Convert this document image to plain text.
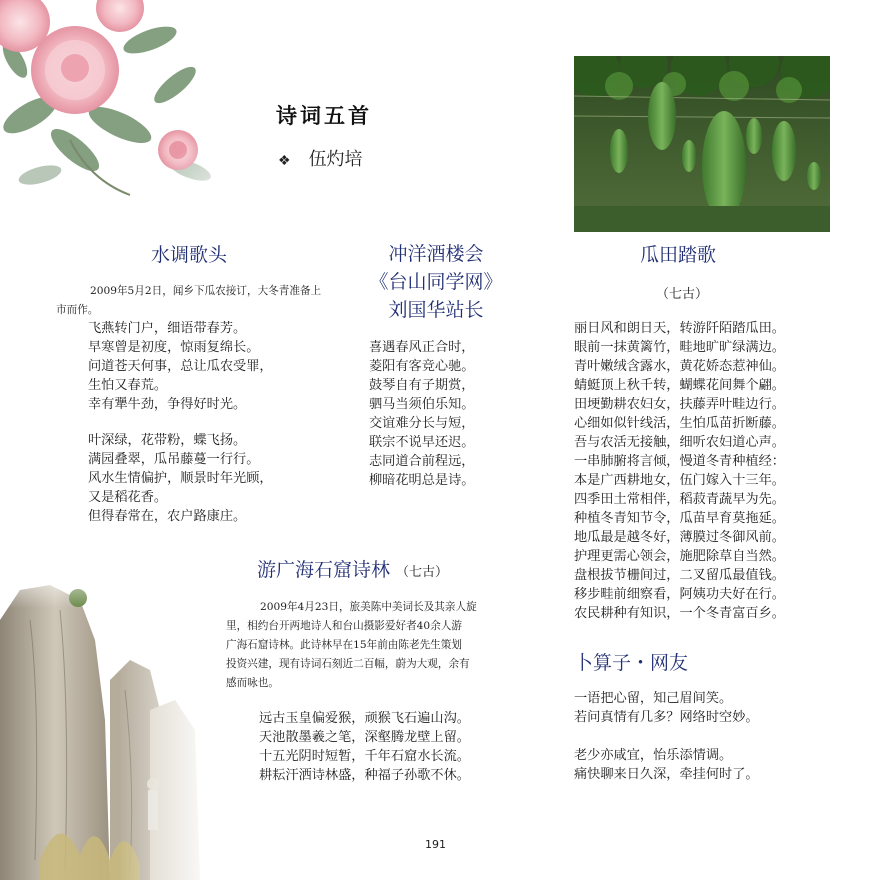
诗词五首
❖ 伍灼培
水调歌头
2009年5月2日，闻乡下瓜农接订，大冬青准备上市而作。
飞燕转门户，细语带春芳。
早寒曾是初度，惊雨复绵长。
问道苍天何事，总让瓜农受罪，
生怕又春荒。
幸有犟牛劲，争得好时光。
叶深绿，花带粉，蝶飞扬。
满园叠翠，瓜吊藤蔓一行行。
风水生情偏护，顺景时年光顾，
又是稻花香。
但得春常在，农户路康庄。
冲洋酒楼会
《台山同学网》
刘国华站长
喜遇春风正合时，
菱阳有客竞心驰。
鼓琴自有子期赏，
驷马当须伯乐知。
交谊难分长与短，
联宗不说早还迟。
志同道合前程远，
柳暗花明总是诗。
游广海石窟诗林 （七古）
2009年4月23日，旅美陈中美词长及其亲人旋
里，相约台开两地诗人和台山摄影爱好者40余人游
广海石窟诗林。此诗林早在15年前由陈老先生策划
投资兴建，现有诗词石刻近二百幅，蔚为大观，余有
感而咏也。
远古玉皇偏爱猴，顽猴飞石遍山沟。
天池散墨羲之笔，深壑腾龙壁上留。
十五光阴时短暂，千年石窟水长流。
耕耘汗洒诗林盛，种福子孙歌不休。
瓜田踏歌
（七古）
丽日风和朗日天，转游阡陌踏瓜田。
眼前一抹黄篱竹，畦地旷旷绿满边。
青叶嫩绒含露水，黄花娇态惹神仙。
蜻蜓顶上秋千转，蝴蝶花间舞个翩。
田埂勤耕农妇女，扶藤弄叶畦边行。
心细如似针线活，生怕瓜苗折断藤。
吾与农活无接触，细听农妇道心声。
一串肺腑将言倾，慢道冬青种植经：
本是广西耕地女，伍门嫁入十三年。
四季田土常相伴，稻菽青蔬早为先。
种植冬青知节令，瓜苗早育莫拖延。
地瓜最是越冬好，薄膜过冬御风前。
护理更需心领会，施肥除草自当然。
盘根拔节栅间过，二叉留瓜最值钱。
移步畦前细察看，阿姨功夫好在行。
农民耕种有知识，一个冬青富百乡。
卜算子・网友
一语把心留，知己眉间笑。
若问真情有几多？网络时空妙。
老少亦咸宜，怡乐添情调。
痛快聊来日久深，牵挂何时了。
191
